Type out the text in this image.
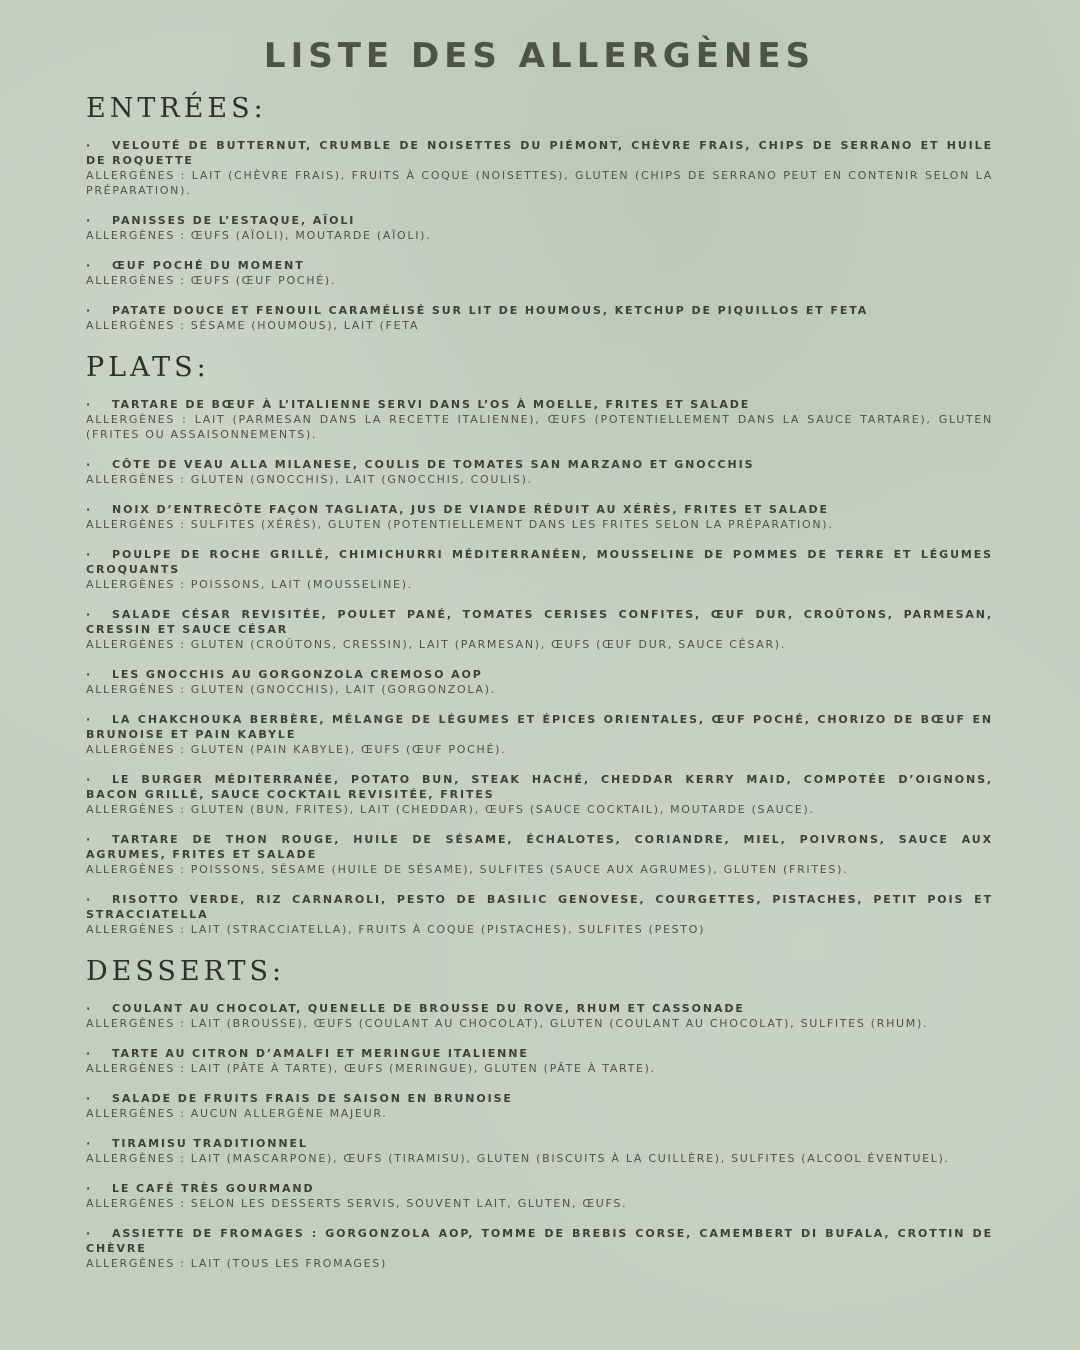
LISTE DES ALLERGÈNES
ENTRÉES:
· VELOUTÉ DE BUTTERNUT, CRUMBLE DE NOISETTES DU PIÉMONT, CHÈVRE FRAIS, CHIPS DE SERRANO ET HUILE DE ROQUETTE
ALLERGÈNES : LAIT (CHÈVRE FRAIS), FRUITS À COQUE (NOISETTES), GLUTEN (CHIPS DE SERRANO PEUT EN CONTENIR SELON LA PRÉPARATION).
· PANISSES DE L’ESTAQUE, AÏOLI
ALLERGÈNES : ŒUFS (AÏOLI), MOUTARDE (AÏOLI).
· ŒUF POCHÉ DU MOMENT
ALLERGÈNES : ŒUFS (ŒUF POCHÉ).
· PATATE DOUCE ET FENOUIL CARAMÉLISÉ SUR LIT DE HOUMOUS, KETCHUP DE PIQUILLOS ET FETA
ALLERGÈNES : SÉSAME (HOUMOUS), LAIT (FETA
PLATS:
· TARTARE DE BŒUF À L’ITALIENNE SERVI DANS L’OS À MOELLE, FRITES ET SALADE
ALLERGÈNES : LAIT (PARMESAN DANS LA RECETTE ITALIENNE), ŒUFS (POTENTIELLEMENT DANS LA SAUCE TARTARE), GLUTEN (FRITES OU ASSAISONNEMENTS).
· CÔTE DE VEAU ALLA MILANESE, COULIS DE TOMATES SAN MARZANO ET GNOCCHIS
ALLERGÈNES : GLUTEN (GNOCCHIS), LAIT (GNOCCHIS, COULIS).
· NOIX D’ENTRECÔTE FAÇON TAGLIATA, JUS DE VIANDE RÉDUIT AU XÉRÈS, FRITES ET SALADE
ALLERGÈNES : SULFITES (XÉRÈS), GLUTEN (POTENTIELLEMENT DANS LES FRITES SELON LA PRÉPARATION).
· POULPE DE ROCHE GRILLÉ, CHIMICHURRI MÉDITERRANÉEN, MOUSSELINE DE POMMES DE TERRE ET LÉGUMES CROQUANTS
ALLERGÈNES : POISSONS, LAIT (MOUSSELINE).
· SALADE CÉSAR REVISITÉE, POULET PANÉ, TOMATES CERISES CONFITES, ŒUF DUR, CROÛTONS, PARMESAN, CRESSIN ET SAUCE CÉSAR
ALLERGÈNES : GLUTEN (CROÛTONS, CRESSIN), LAIT (PARMESAN), ŒUFS (ŒUF DUR, SAUCE CÉSAR).
· LES GNOCCHIS AU GORGONZOLA CREMOSO AOP
ALLERGÈNES : GLUTEN (GNOCCHIS), LAIT (GORGONZOLA).
· LA CHAKCHOUKA BERBÈRE, MÉLANGE DE LÉGUMES ET ÉPICES ORIENTALES, ŒUF POCHÉ, CHORIZO DE BŒUF EN BRUNOISE ET PAIN KABYLE
ALLERGÈNES : GLUTEN (PAIN KABYLE), ŒUFS (ŒUF POCHÉ).
· LE BURGER MÉDITERRANÉE, POTATO BUN, STEAK HACHÉ, CHEDDAR KERRY MAID, COMPOTÉE D’OIGNONS, BACON GRILLÉ, SAUCE COCKTAIL REVISITÉE, FRITES
ALLERGÈNES : GLUTEN (BUN, FRITES), LAIT (CHEDDAR), ŒUFS (SAUCE COCKTAIL), MOUTARDE (SAUCE).
· TARTARE DE THON ROUGE, HUILE DE SÉSAME, ÉCHALOTES, CORIANDRE, MIEL, POIVRONS, SAUCE AUX AGRUMES, FRITES ET SALADE
ALLERGÈNES : POISSONS, SÉSAME (HUILE DE SÉSAME), SULFITES (SAUCE AUX AGRUMES), GLUTEN (FRITES).
· RISOTTO VERDE, RIZ CARNAROLI, PESTO DE BASILIC GENOVESE, COURGETTES, PISTACHES, PETIT POIS ET STRACCIATELLA
ALLERGÈNES : LAIT (STRACCIATELLA), FRUITS À COQUE (PISTACHES), SULFITES (PESTO)
DESSERTS:
· COULANT AU CHOCOLAT, QUENELLE DE BROUSSE DU ROVE, RHUM ET CASSONADE
ALLERGÈNES : LAIT (BROUSSE), ŒUFS (COULANT AU CHOCOLAT), GLUTEN (COULANT AU CHOCOLAT), SULFITES (RHUM).
· TARTE AU CITRON D’AMALFI ET MERINGUE ITALIENNE
ALLERGÈNES : LAIT (PÂTE À TARTE), ŒUFS (MERINGUE), GLUTEN (PÂTE À TARTE).
· SALADE DE FRUITS FRAIS DE SAISON EN BRUNOISE
ALLERGÈNES : AUCUN ALLERGÈNE MAJEUR.
· TIRAMISU TRADITIONNEL
ALLERGÈNES : LAIT (MASCARPONE), ŒUFS (TIRAMISU), GLUTEN (BISCUITS À LA CUILLÈRE), SULFITES (ALCOOL ÉVENTUEL).
· LE CAFÉ TRÈS GOURMAND
ALLERGÈNES : SELON LES DESSERTS SERVIS, SOUVENT LAIT, GLUTEN, ŒUFS.
· ASSIETTE DE FROMAGES : GORGONZOLA AOP, TOMME DE BREBIS CORSE, CAMEMBERT DI BUFALA, CROTTIN DE CHÈVRE
ALLERGÈNES : LAIT (TOUS LES FROMAGES)
